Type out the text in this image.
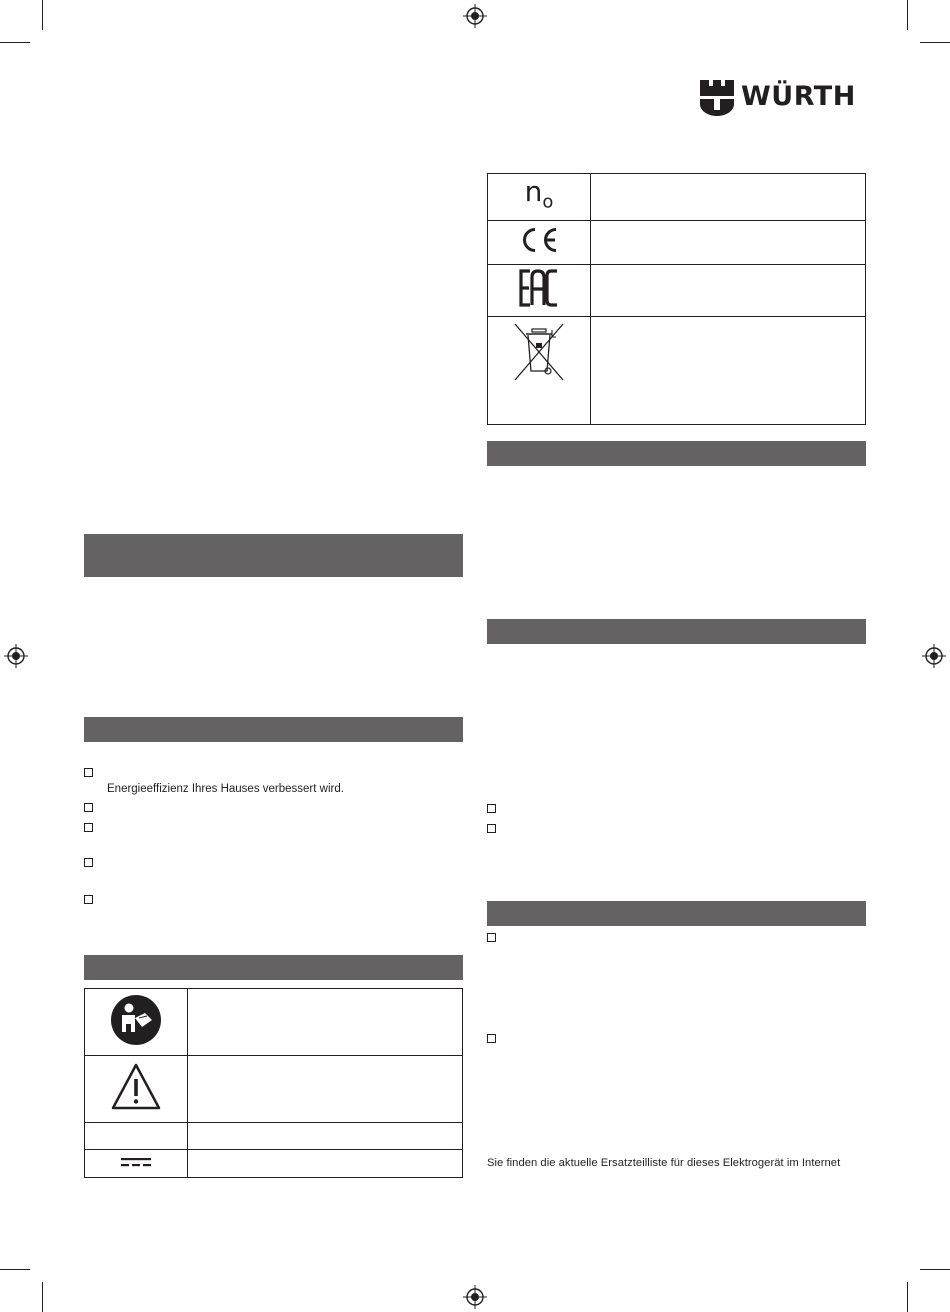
WÜRTH
Energieeffizienz Ihres Hauses verbessert wird.

$n_o$	

Sie finden die aktuelle Ersatzteilliste für dieses Elektrogerät im Internet
